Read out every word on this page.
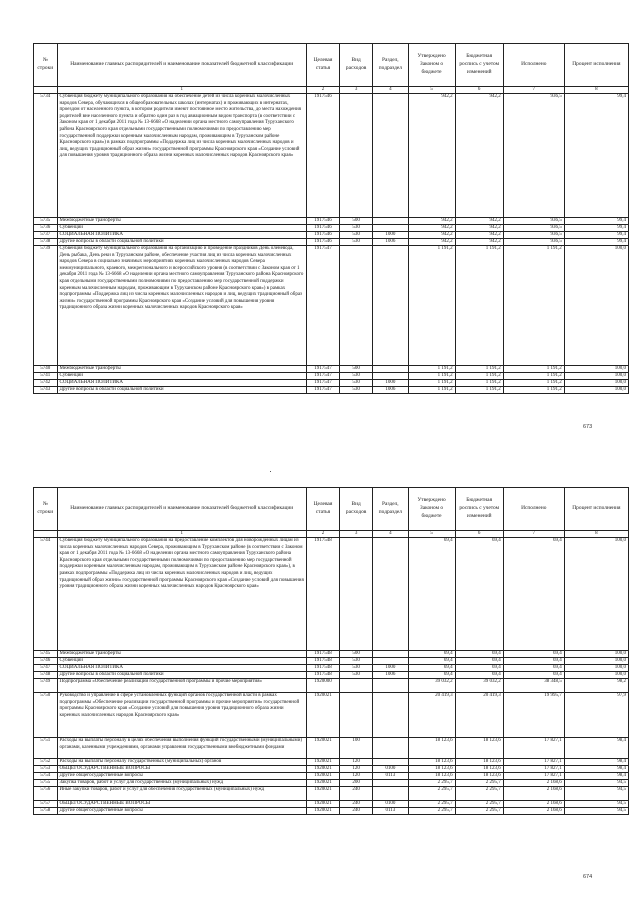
№ строки	Наименование главных распорядителей и наименование показателей бюджетной классификации	Целевая статья	Вид расходов	Раздел, подраздел	Утверждено Законом о бюджете	Бюджетная роспись с учетом изменений	Исполнено	Процент исполнения
	1	2	3	4	5	6	7	8
5734	Субвенция бюджету муниципального образования на обеспечение детей из числа коренных малочисленных народов Севера, обучающихся в общеобразовательных школах (интернатах) и проживающих в интернатах, проездом от населенного пункта, в котором родители имеют постоянное место жительства, до места нахождения родителей вне населенного пункта и обратно один раз в год авиационным видом транспорта (в соответствии с Законом края от 1 декабря 2011 года № 13-6668 «О наделении органа местного самоуправления Туруханского района Красноярского края отдельными государственными полномочиями по предоставлению мер государственной поддержки коренным малочисленным народам, проживающим в Туруханском районе Красноярского края») в рамках подпрограммы «Поддержка лиц из числа коренных малочисленных народов и лиц, ведущих традиционный образ жизни» государственной программы Красноярского края «Создание условий для повышения уровня традиционного образа жизни коренных малочисленных народов Красноярского края»	1917546			942,2	942,2	936,5	99,4
5735	Межбюджетные трансферты	1917546	500		942,2	942,2	936,5	99,4
5736	Субвенции	1917546	530		942,2	942,2	936,5	99,4
5737	СОЦИАЛЬНАЯ ПОЛИТИКА	1917546	530	1000	942,2	942,2	936,5	99,4
5738	Другие вопросы в области социальной политики	1917546	530	1006	942,2	942,2	936,5	99,4
5739	Субвенция бюджету муниципального образования на организацию и проведение праздников День оленевода, День рыбака, День реки в Туруханском районе, обеспечение участия лиц из числа коренных малочисленных народов Севера в социально значимых мероприятиях коренных малочисленных народов Севера межмуниципального, краевого, межрегионального и всероссийского уровня (в соответствии с Законом края от 1 декабря 2011 года № 13-6668 «О наделении органа местного самоуправления Туруханского района Красноярского края отдельными государственными полномочиями по предоставлению мер государственной поддержки коренным малочисленным народам, проживающим в Туруханском районе Красноярского края») в рамках подпрограммы «Поддержка лиц из числа коренных малочисленных народов и лиц, ведущих традиционный образ жизни» государственной программы Красноярского края «Создание условий для повышения уровня традиционного образа жизни коренных малочисленных народов Красноярского края»	1917547			1 191,2	1 191,2	1 191,2	100,0
5740	Межбюджетные трансферты	1917547	500		1 191,2	1 191,2	1 191,2	100,0
5741	Субвенции	1917547	530		1 191,2	1 191,2	1 191,2	100,0
5742	СОЦИАЛЬНАЯ ПОЛИТИКА	1917547	530	1000	1 191,2	1 191,2	1 191,2	100,0
5743	Другие вопросы в области социальной политики	1917547	530	1006	1 191,2	1 191,2	1 191,2	100,0
673
№ строки	Наименование главных распорядителей и наименование показателей бюджетной классификации	Целевая статья	Вид расходов	Раздел, подраздел	Утверждено Законом о бюджете	Бюджетная роспись с учетом изменений	Исполнено	Процент исполнения
	1	2	3	4	5	6	7	8
5744	Субвенция бюджету муниципального образования на предоставление комплектов для новорожденных лицам из числа коренных малочисленных народов Севера, проживающим в Туруханском районе (в соответствии с Законом края от 1 декабря 2011 года № 13-6668 «О наделении органа местного самоуправления Туруханского района Красноярского края отдельными государственными полномочиями по предоставлению мер государственной поддержки коренным малочисленным народам, проживающим в Туруханском районе Красноярского края»), в рамках подпрограммы «Поддержка лиц из числа коренных малочисленных народов и лиц, ведущих традиционный образ жизни» государственной программы Красноярского края «Создание условий для повышения уровня традиционного образа жизни коренных малочисленных народов Красноярского края»	1917548			69,4	69,4	69,4	100,0
5745	Межбюджетные трансферты	1917548	500		69,4	69,4	69,4	100,0
5746	Субвенции	1917548	530		69,4	69,4	69,4	100,0
5747	СОЦИАЛЬНАЯ ПОЛИТИКА	1917548	530	1000	69,4	69,4	69,4	100,0
5748	Другие вопросы в области социальной политики	1917548	530	1006	69,4	69,4	69,4	100,0
5749	Подпрограмма «Обеспечение реализации государственной программы и прочие мероприятия»	1920000			39 032,2	39 032,2	38 348,5	98,2
5750	Руководство и управление в сфере установленных функций органов государственной власти в рамках подпрограммы «Обеспечение реализации государственной программы и прочие мероприятия» государственной программы Красноярского края «Создание условий для повышения уровня традиционного образа жизни коренных малочисленных народов Красноярского края»	1920021			20 419,3	20 419,3	19 995,7	97,9
5751	Расходы на выплаты персоналу в целях обеспечения выполнения функций государственными (муниципальными) органами, казенными учреждениями, органами управления государственными внебюджетными фондами	1920021	100		18 123,6	18 123,6	17 827,1	98,4
5752	Расходы на выплаты персоналу государственных (муниципальных) органов	1920021	120		18 123,6	18 123,6	17 827,1	98,4
5753	ОБЩЕГОСУДАРСТВЕННЫЕ ВОПРОСЫ	1920021	120	0100	18 123,6	18 123,6	17 827,1	98,4
5754	Другие общегосударственные вопросы	1920021	120	0113	18 123,6	18 123,6	17 827,1	98,4
5755	Закупка товаров, работ и услуг для государственных (муниципальных) нужд	1920021	200		2 295,7	2 295,7	2 168,6	94,5
5756	Иные закупки товаров, работ и услуг для обеспечения государственных (муниципальных) нужд	1920021	240		2 295,7	2 295,7	2 168,6	94,5
5757	ОБЩЕГОСУДАРСТВЕННЫЕ ВОПРОСЫ	1920021	240	0100	2 295,7	2 295,7	2 168,6	94,5
5758	Другие общегосударственные вопросы	1920021	240	0113	2 295,7	2 295,7	2 168,6	94,5
674
